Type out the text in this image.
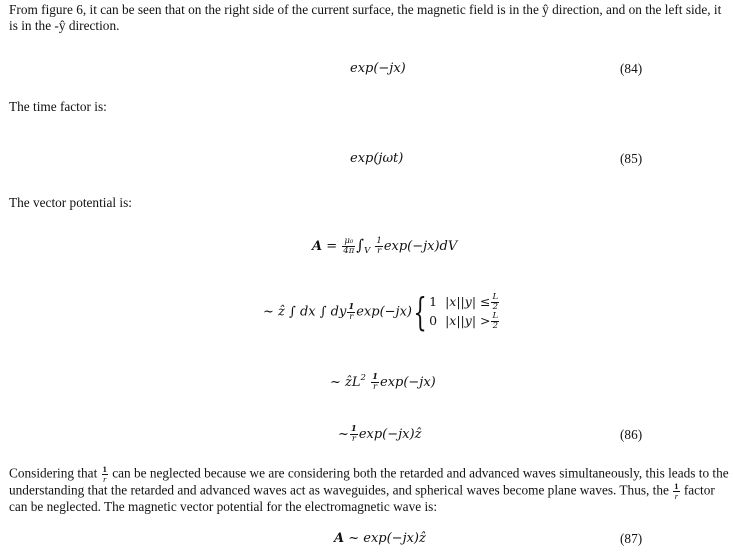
From figure 6, it can be seen that on the right side of the current surface, the magnetic field is in the ŷ direction, and on the left side, it
is in the -ŷ direction.
exp(−jx)	(84)
The time factor is:
exp(jωt)	(85)
The vector potential is:
$A = \frac{\text{μ₀}}{4\pi} \int_V \frac{1}{r} \exp(-jx)dV$
~ ẑ ∫ dx ∫ dy $\frac{1}{r} \exp(-jx)${ 1 $|x||y| \le \frac{L}{2}$
0 $|x||y| > \frac{L}{2}$
~ ẑL$^2$ $\frac{1}{r} \exp(-jx)$
~ $\frac{1}{r}$ exp(−jx)ẑ	(86)
Considering that $\frac{1}{r}$ can be neglected because we are considering both the retarded and advanced waves simultaneously, this leads to the
understanding that the retarded and advanced waves act as waveguides, and spherical waves become plane waves. Thus, the $\frac{1}{r}$ factor
can be neglected. The magnetic vector potential for the electromagnetic wave is:
A ~ exp(−jx)ẑ	(87)
